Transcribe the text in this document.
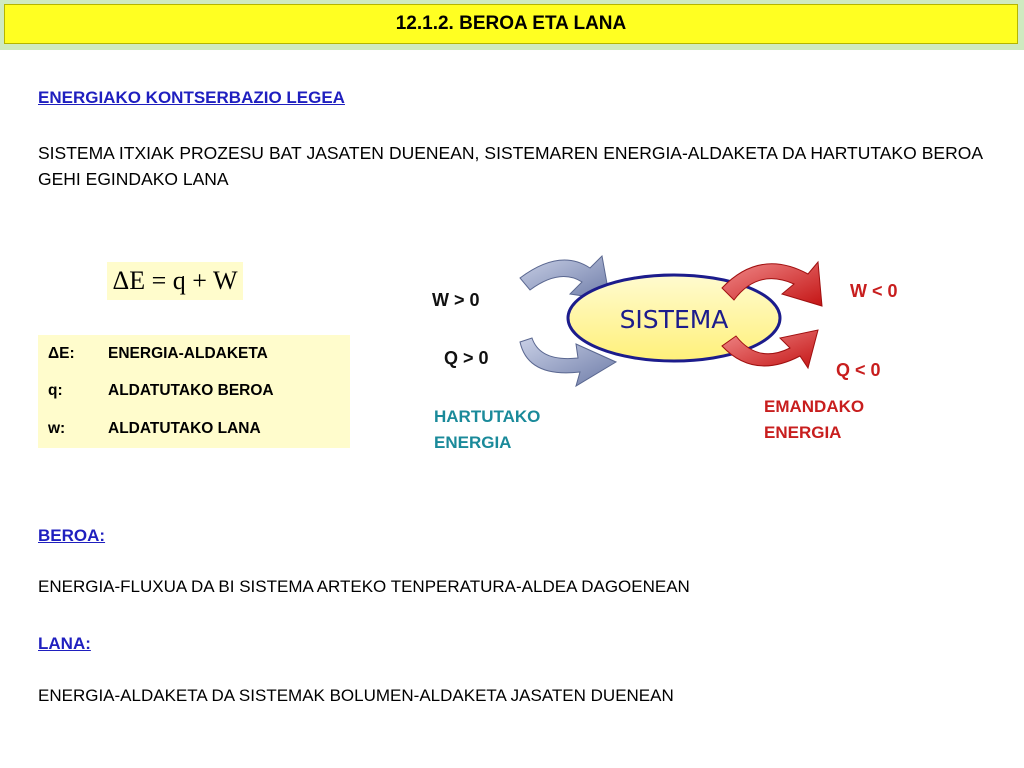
12.1.2. BEROA ETA LANA
ENERGIAKO KONTSERBAZIO LEGEA
SISTEMA ITXIAK PROZESU BAT JASATEN DUENEAN, SISTEMAREN ENERGIA-ALDAKETA DA HARTUTAKO BEROA GEHI EGINDAKO LANA
ΔE = q + W
ΔE: ENERGIA-ALDAKETA
q:	ALDATUTAKO BEROA
w:	ALDATUTAKO LANA
SISTEMA
W > 0
Q > 0
W < 0
Q < 0
HARTUTAKO
ENERGIA
EMANDAKO
ENERGIA
BEROA:
ENERGIA-FLUXUA DA BI SISTEMA ARTEKO TENPERATURA-ALDEA DAGOENEAN
LANA:
ENERGIA-ALDAKETA DA SISTEMAK BOLUMEN-ALDAKETA JASATEN DUENEAN
